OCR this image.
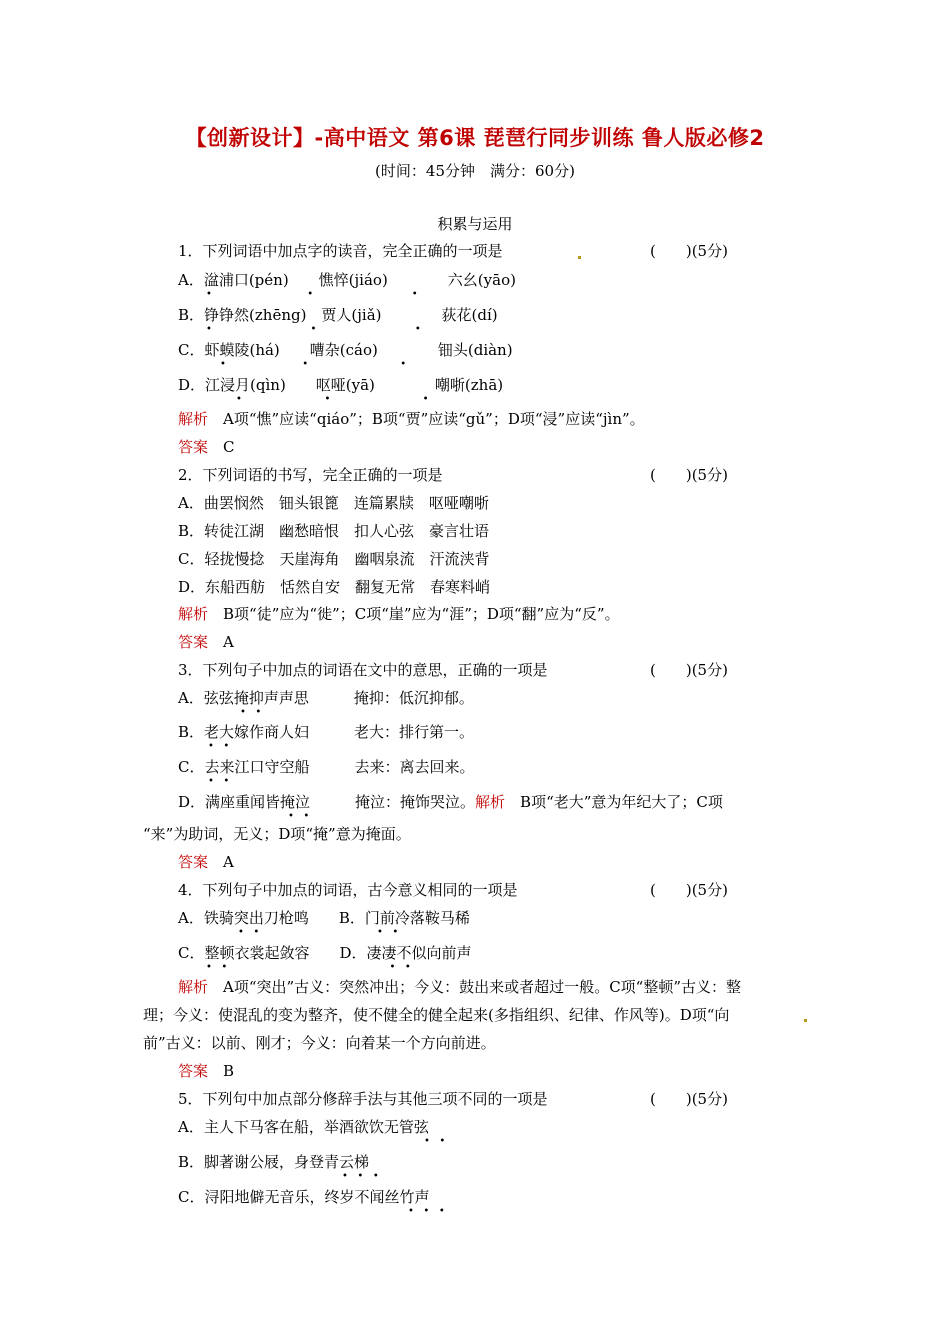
【创新设计】-高中语文 第6课 琵琶行同步训练 鲁人版必修2
(时间：45分钟　满分：60分)
积累与运用
1．下列词语中加点字的读音，完全正确的一项是	(　　)(5分)
A．湓浦口(pén)　　憔悴(jiáo)　　　　六幺(yāo)
•                              •                               •
B．铮铮然(zhēng)　贾人(jiǎ)　　　　荻花(dí)
•                               •                               •
C．虾蟆陵(há)　　嘈杂(cáo)　　　　钿头(diàn)
•                        •                             •
D．江浸月(qìn)　　呕哑(yā)　　　　嘲哳(zhā)
•                          •                             •
解析　A项“憔”应读“qiáo”；B项“贾”应读“gǔ”；D项“浸”应读“jìn”。
答案　C
2．下列词语的书写，完全正确的一项是	(　　)(5分)
A．曲罢悯然　钿头银篦　连篇累牍　呕哑嘲哳
B．转徒江湖　幽愁暗恨　扣人心弦　豪言壮语
C．轻拢慢捻　天崖海角　幽咽泉流　汗流浃背
D．东船西舫　恬然自安　翻复无常　春寒料峭
解析　B项“徒”应为“徙”；C项“崖”应为“涯”；D项“翻”应为“反”。
答案　A
3．下列句子中加点的词语在文中的意思，正确的一项是	(　　)(5分)
A．弦弦掩抑声声思　　　掩抑：低沉抑郁。
•   •
B．老大嫁作商人妇　　　老大：排行第一。
•   •
C．去来江口守空船　　　去来：离去回来。
•   •
D．满座重闻皆掩泣　　　掩泣：掩饰哭泣。解析　B项“老大”意为年纪大了；C项
•   •
“来”为助词，无义；D项“掩”意为掩面。
答案　A
4．下列句子中加点的词语，古今意义相同的一项是	(　　)(5分)
A．铁骑突出刀枪鸣　　B．门前冷落鞍马稀
•   •                                     •   •
C．整顿衣裳起敛容　　D．凄凄不似向前声
•   •                                                   •   •
解析　A项“突出”古义：突然冲出；今义：鼓出来或者超过一般。C项“整顿”古义：整
理；今义：使混乱的变为整齐，使不健全的健全起来(多指组织、纪律、作风等)。D项“向
前”古义：以前、刚才；今义：向着某一个方向前进。
答案　B
5．下列句中加点部分修辞手法与其他三项不同的一项是	(　　)(5分)
A．主人下马客在船，举酒欲饮无管弦
•   •
B．脚著谢公屐，身登青云梯
•   •   •
C．浔阳地僻无音乐，终岁不闻丝竹声
•   •   •
